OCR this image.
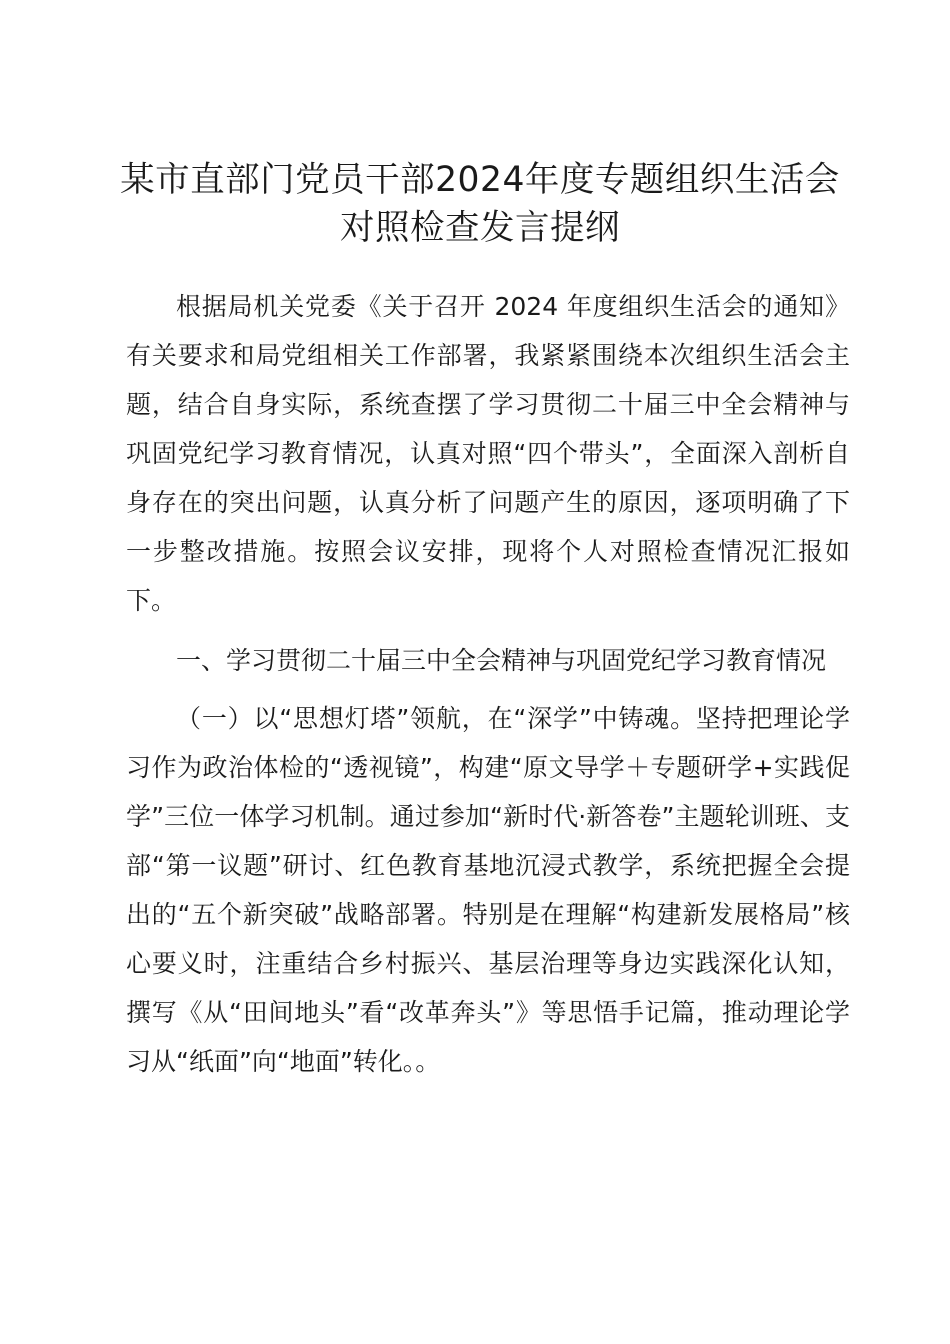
某市直部门党员干部2024年度专题组织生活会对照检查发言提纲

根据局机关党委《关于召开 2024 年度组织生活会的通知》有关要求和局党组相关工作部署，我紧紧围绕本次组织生活会主题，结合自身实际，系统查摆了学习贯彻二十届三中全会精神与巩固党纪学习教育情况，认真对照“四个带头”，全面深入剖析自身存在的突出问题，认真分析了问题产生的原因，逐项明确了下一步整改措施。按照会议安排，现将个人对照检查情况汇报如下。

一、学习贯彻二十届三中全会精神与巩固党纪学习教育情况

（一）以“思想灯塔”领航，在“深学”中铸魂。坚持把理论学习作为政治体检的“透视镜”，构建“原文导学＋专题研学+实践促学”三位一体学习机制。通过参加“新时代·新答卷”主题轮训班、支部“第一议题”研讨、红色教育基地沉浸式教学，系统把握全会提出的“五个新突破”战略部署。特别是在理解“构建新发展格局”核心要义时，注重结合乡村振兴、基层治理等身边实践深化认知，撰写《从“田间地头”看“改革奔头”》等思悟手记篇，推动理论学习从“纸面”向“地面”转化。。
